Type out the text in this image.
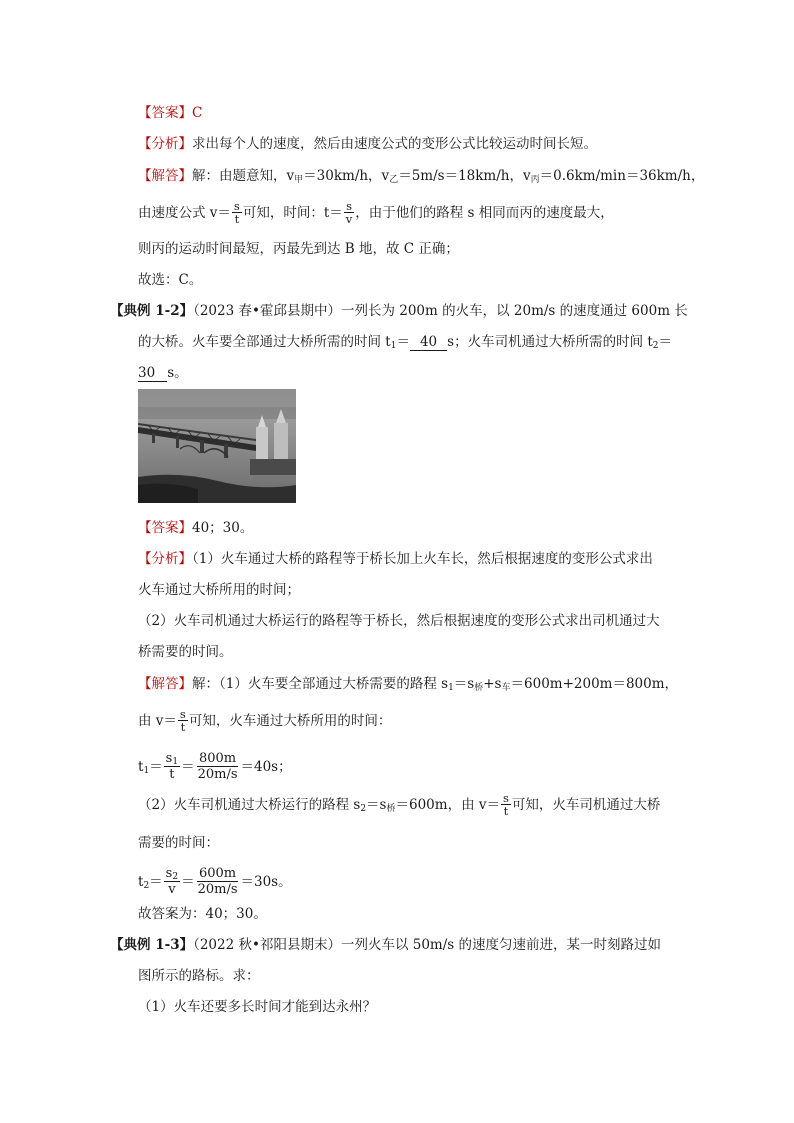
【答案】C
【分析】求出每个人的速度，然后由速度公式的变形公式比较运动时间长短。
【解答】解：由题意知，$v_甲=30km/h$，$v_乙=5m/s=18km/h$，$v_丙=0.6km/\min=36km/h$，
由速度公式 $v= \frac{s}{t}$ 可知，时间：$t= \frac{s}{v}$ ，由于他们的路程 s 相同而丙的速度最大，
则丙的运动时间最短，丙最先到达 B 地，故 C 正确；
故选：C。
【典例 1-2】（2023 春•霍邱县期中）一列长为 200m 的火车，以 20m/s 的速度通过 600m 长
的大桥。火车要全部通过大桥所需的时间 $t_1= 40$ s；火车司机通过大桥所需的时间 $t_2=$
30 s。
【答案】40；30。
【分析】（1）火车通过大桥的路程等于桥长加上火车长，然后根据速度的变形公式求出
火车通过大桥所用的时间；
（2）火车司机通过大桥运行的路程等于桥长，然后根据速度的变形公式求出司机通过大
桥需要的时间。
【解答】解：（1）火车要全部通过大桥需要的路程 $s_1=s_桥+s_车=600m+200m=800m$，
由 $v= \frac{s}{t}$ 可知，火车通过大桥所用的时间：
$t_1= \frac{s_1}{t} = \frac{800m}{20m/s} =40s$；
（2）火车司机通过大桥运行的路程 $s_2=s_桥=600m$，由 $v= \frac{s}{t}$ 可知，火车司机通过大桥
需要的时间：
$t_2= \frac{s_2}{v} = \frac{600m}{20m/s} =30s$。
故答案为：40；30。
【典例 1-3】（2022 秋•祁阳县期末）一列火车以 50m/s 的速度匀速前进，某一时刻路过如
图所示的路标。求：
（1）火车还要多长时间才能到达永州？
